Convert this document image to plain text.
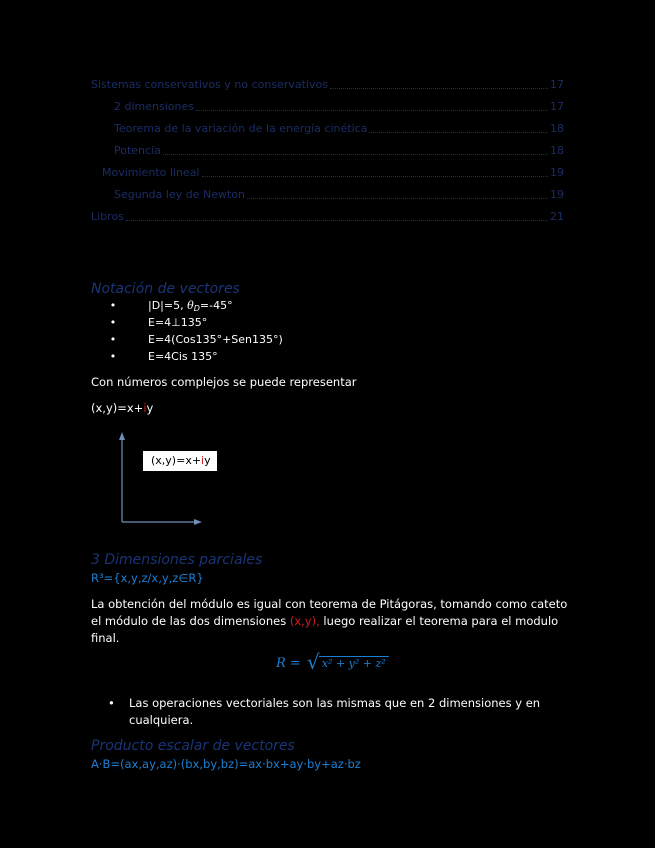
Sistemas conservativos y no conservativos	17
2 dimensiones	17
Teorema de la variación de la energía cinética	18
Potencia	18
Movimiento lineal	19
Segunda ley de Newton	19
Libros	21
Notación de vectores
•	|D|=5, $\theta_D=-45^\circ$
•	E=4⊥135°
•	E=4(Cos135°+Sen135°)
•	E=4Cis 135°
Con números complejos se puede representar
(x,y)=x+iy
(x,y)=x+iy
3 Dimensiones parciales
R³={x,y,z/x,y,z∈R}
La obtención del módulo es igual con teorema de Pitágoras, tomando como cateto el módulo de las dos dimensiones (x,y), luego realizar el teorema para el modulo final.
R = √ x² + y² + z²
• Las operaciones vectoriales son las mismas que en 2 dimensiones y en cualquiera.
Producto escalar de vectores
A·B=(ax,ay,az)·(bx,by,bz)=ax·bx+ay·by+az·bz
